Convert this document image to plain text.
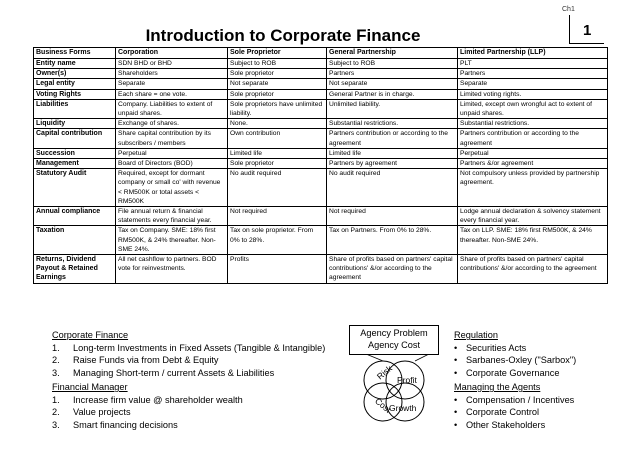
Ch1
1
Introduction to Corporate Finance
Business Forms	Corporation	Sole Proprietor	General Partnership	Limited Partnership (LLP)
Entity name	SDN BHD or BHD	Subject to ROB	Subject to ROB	PLT
Owner(s)	Shareholders	Sole proprietor	Partners	Partners
Legal entity	Separate	Not separate	Not separate	Separate
Voting Rights	Each share = one vote.	Sole proprietor	General Partner is in charge.	Limited voting rights.
Liabilities	Company. Liabilities to extent of unpaid shares.	Sole proprietors have unlimited liability.	Unlimited liability.	Limited, except own wrongful act to extent of unpaid shares.
Liquidity	Exchange of shares.	None.	Substantial restrictions.	Substantial restrictions.
Capital contribution	Share capital contribution by its subscribers / members	Own contribution	Partners contribution or according to the agreement	Partners contribution or according to the agreement
Succession	Perpetual	Limited life	Limited life	Perpetual
Management	Board of Directors (BOD)	Sole proprietor	Partners by agreement	Partners &/or agreement
Statutory Audit	Required, except for dormant company or small co' with revenue < RM500K or total assets < RM500K	No audit required	No audit required	Not compulsory unless provided by partnership agreement.
Annual compliance	File annual return & financial statements every financial year.	Not required	Not required	Lodge annual declaration & solvency statement every financial year.
Taxation	Tax on Company. SME: 18% first RM500K, & 24% thereafter. Non-SME 24%.	Tax on sole proprietor. From 0% to 28%.	Tax on Partners. From 0% to 28%.	Tax on LLP. SME: 18% first RM500K, & 24% thereafter. Non-SME 24%.
Returns, Dividend Payout & Retained Earnings	All net cashflow to partners. BOD vote for reinvestments.	Profits	Share of profits based on partners' capital contributions' &/or according to the agreement	Share of profits based on partners' capital contributions' &/or according to the agreement
Corporate Finance
1.	Long-term Investments in Fixed Assets (Tangible & Intangible)
2.	Raise Funds via from Debt & Equity
3.	Managing Short-term / current Assets & Liabilities
Financial Manager
1.	Increase firm value @ shareholder wealth
2.	Value projects
3.	Smart financing decisions
Agency Problem
Agency Cost
Risk Profit
Cost
Growth
Regulation
• Securities Acts
• Sarbanes-Oxley ("Sarbox")
• Corporate Governance
Managing the Agents
• Compensation / Incentives
• Corporate Control
• Other Stakeholders
